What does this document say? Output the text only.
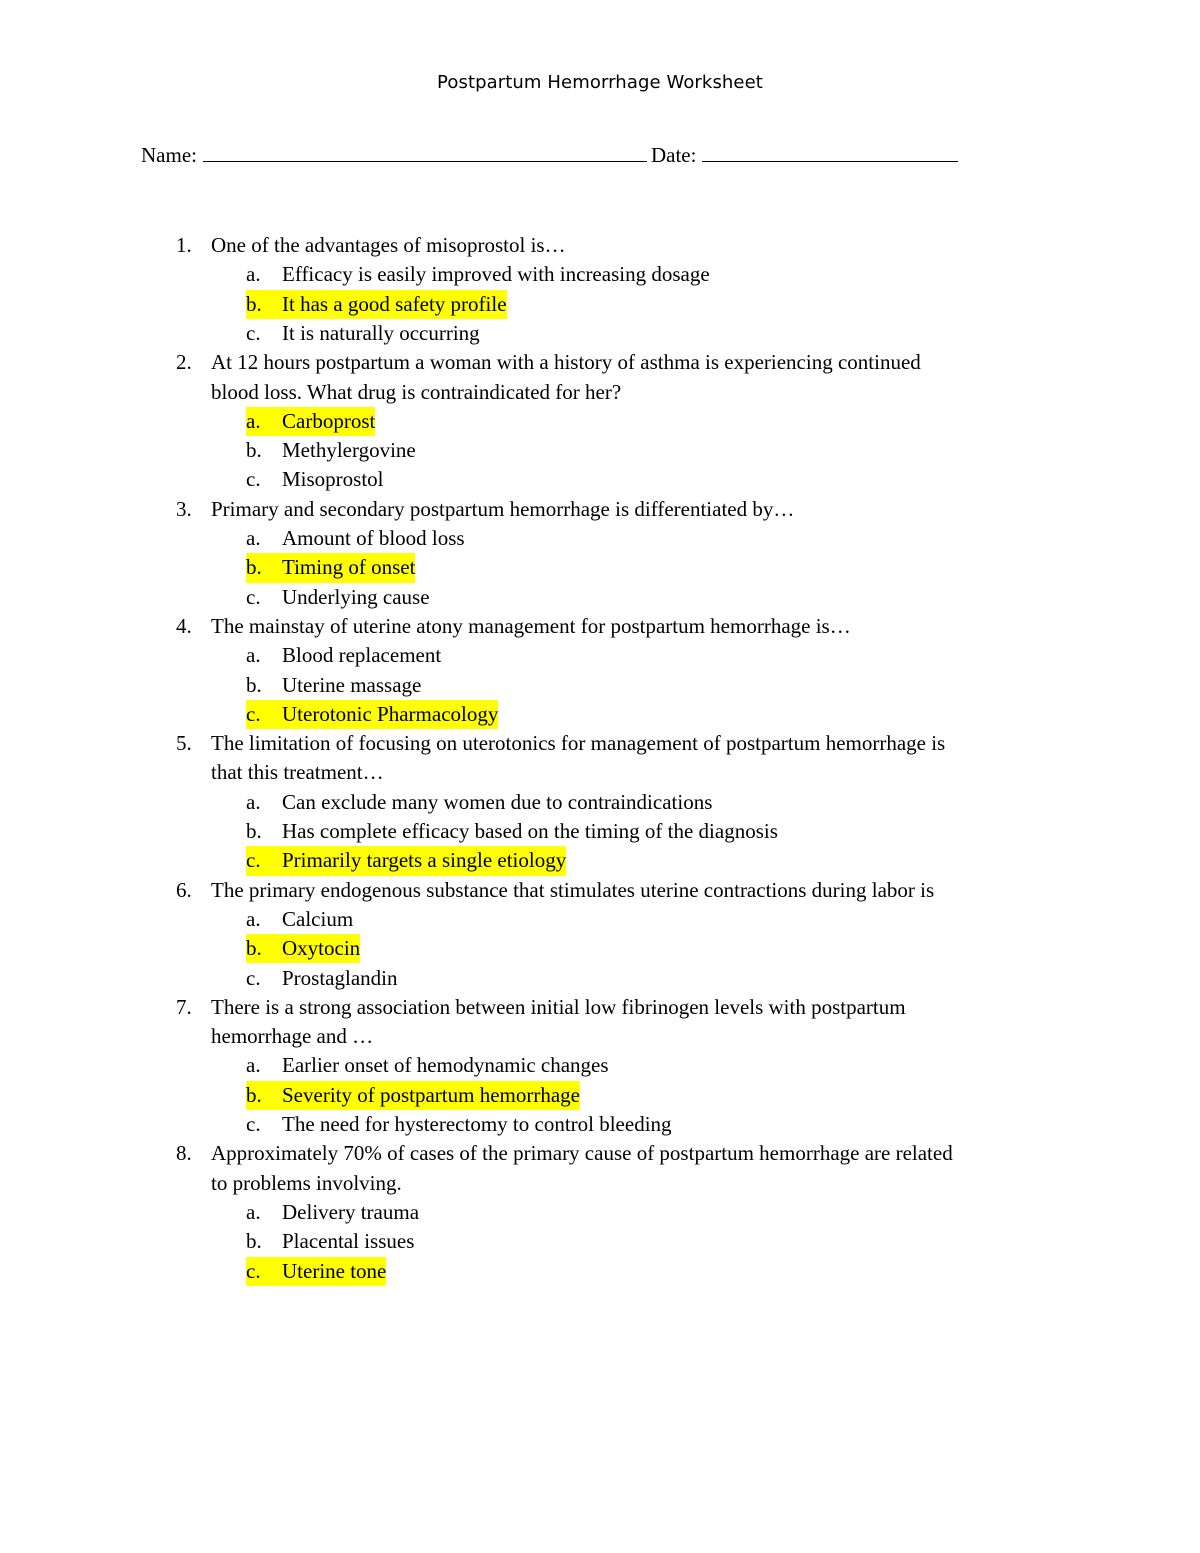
Postpartum Hemorrhage Worksheet
Name:	Date:
1. One of the advantages of misoprostol is…
a. Efficacy is easily improved with increasing dosage
b. It has a good safety profile
c. It is naturally occurring
2. At 12 hours postpartum a woman with a history of asthma is experiencing continued
blood loss. What drug is contraindicated for her?
a. Carboprost
b. Methylergovine
c. Misoprostol
3. Primary and secondary postpartum hemorrhage is differentiated by…
a. Amount of blood loss
b. Timing of onset
c. Underlying cause
4. The mainstay of uterine atony management for postpartum hemorrhage is…
a. Blood replacement
b. Uterine massage
c. Uterotonic Pharmacology
5. The limitation of focusing on uterotonics for management of postpartum hemorrhage is
that this treatment…
a. Can exclude many women due to contraindications
b. Has complete efficacy based on the timing of the diagnosis
c. Primarily targets a single etiology
6. The primary endogenous substance that stimulates uterine contractions during labor is
a. Calcium
b. Oxytocin
c. Prostaglandin
7. There is a strong association between initial low fibrinogen levels with postpartum
hemorrhage and …
a. Earlier onset of hemodynamic changes
b. Severity of postpartum hemorrhage
c. The need for hysterectomy to control bleeding
8. Approximately 70% of cases of the primary cause of postpartum hemorrhage are related
to problems involving.
a. Delivery trauma
b. Placental issues
c. Uterine tone
